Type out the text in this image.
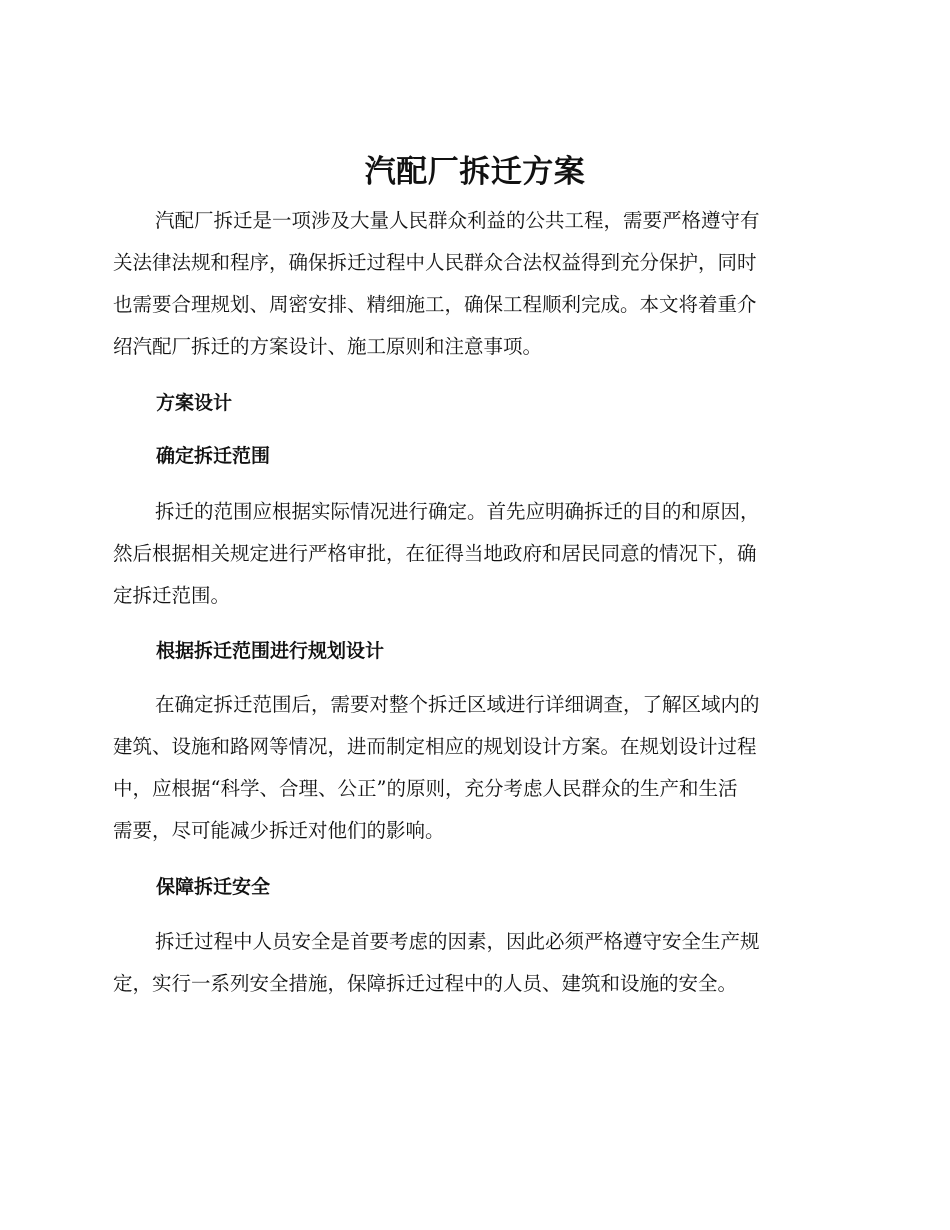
汽配厂拆迁方案

汽配厂拆迁是一项涉及大量人民群众利益的公共工程，需要严格遵守有
关法律法规和程序，确保拆迁过程中人民群众合法权益得到充分保护，同时
也需要合理规划、周密安排、精细施工，确保工程顺利完成。本文将着重介
绍汽配厂拆迁的方案设计、施工原则和注意事项。

方案设计
确定拆迁范围

拆迁的范围应根据实际情况进行确定。首先应明确拆迁的目的和原因，
然后根据相关规定进行严格审批，在征得当地政府和居民同意的情况下，确
定拆迁范围。

根据拆迁范围进行规划设计

在确定拆迁范围后，需要对整个拆迁区域进行详细调查，了解区域内的
建筑、设施和路网等情况，进而制定相应的规划设计方案。在规划设计过程
中，应根据“科学、合理、公正”的原则，充分考虑人民群众的生产和生活
需要，尽可能减少拆迁对他们的影响。

保障拆迁安全

拆迁过程中人员安全是首要考虑的因素，因此必须严格遵守安全生产规
定，实行一系列安全措施，保障拆迁过程中的人员、建筑和设施的安全。
